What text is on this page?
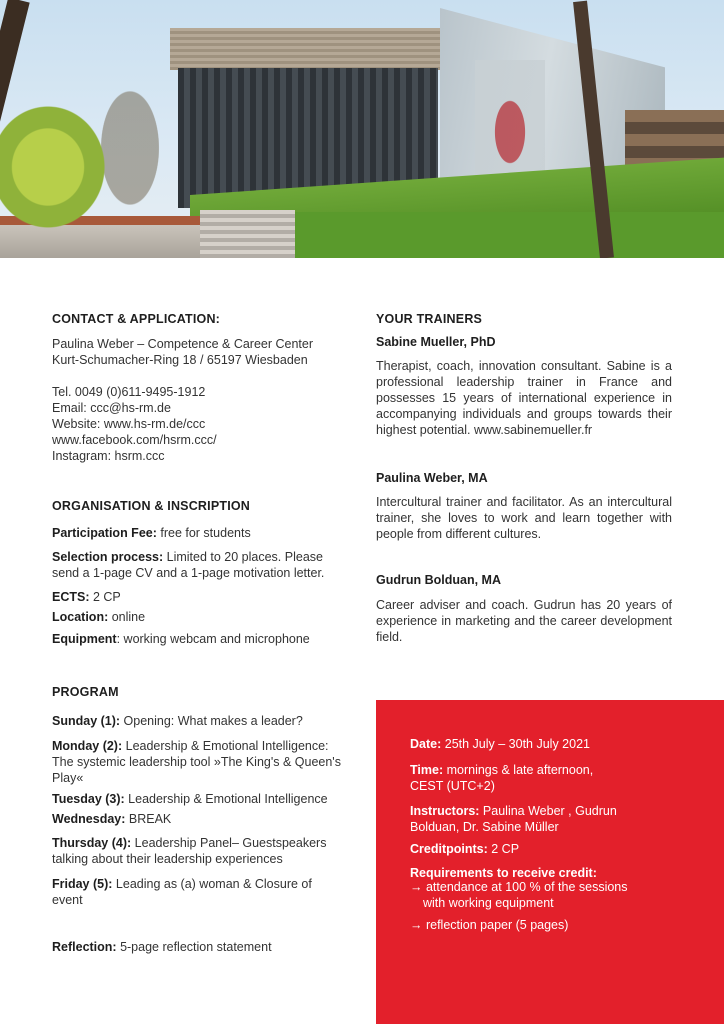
CONTACT & APPLICATION:
Paulina Weber – Competence & Career Center
Kurt-Schumacher-Ring 18 / 65197 Wiesbaden
Tel. 0049 (0)611-9495-1912
Email: ccc@hs-rm.de
Website: www.hs-rm.de/ccc
www.facebook.com/hsrm.ccc/
Instagram: hsrm.ccc
ORGANISATION & INSCRIPTION
Participation Fee: free for students
Selection process: Limited to 20 places. Please send a 1-page CV and a 1-page motivation letter.
ECTS: 2 CP
Location: online
Equipment: working webcam and microphone
PROGRAM
Sunday (1): Opening: What makes a leader?
Monday (2): Leadership & Emotional Intelligence: The systemic leadership tool »The King's & Queen's Play«
Tuesday (3): Leadership & Emotional Intelligence
Wednesday: BREAK
Thursday (4): Leadership Panel– Guestspeakers talking about their leadership experiences
Friday (5): Leading as (a) woman & Closure of event
Reflection: 5-page reflection statement
YOUR TRAINERS
Sabine Mueller, PhD
Therapist, coach, innovation consultant. Sabine is a professional leadership trainer in France and possesses 15 years of international experience in accompanying individuals and groups towards their highest potential. www.sabinemueller.fr
Paulina Weber, MA
Intercultural trainer and facilitator. As an intercultural trainer, she loves to work and learn together with people from different cultures.
Gudrun Bolduan, MA
Career adviser and coach. Gudrun has 20 years of experience in marketing and the career development field.
Date: 25th July – 30th July 2021
Time: mornings & late afternoon, CEST (UTC+2)
Instructors: Paulina Weber , Gudrun Bolduan, Dr. Sabine Müller
Creditpoints: 2 CP
Requirements to receive credit:
→ attendance at 100 % of the sessions
with working equipment
→ reflection paper (5 pages)
